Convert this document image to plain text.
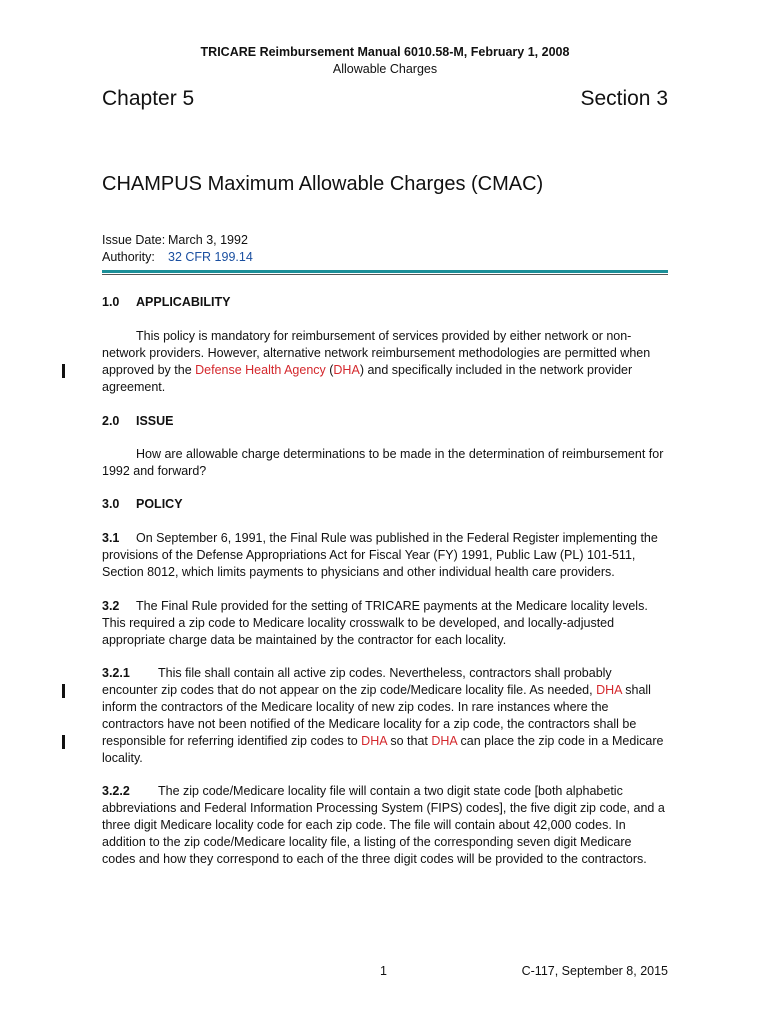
TRICARE Reimbursement Manual 6010.58-M, February 1, 2008
Allowable Charges
Chapter 5	Section 3
CHAMPUS Maximum Allowable Charges (CMAC)
Issue Date: March 3, 1992
Authority: 32 CFR 199.14
1.0 APPLICABILITY
This policy is mandatory for reimbursement of services provided by either network or non-network providers. However, alternative network reimbursement methodologies are permitted when approved by the Defense Health Agency (DHA) and specifically included in the network provider agreement.
2.0 ISSUE
How are allowable charge determinations to be made in the determination of reimbursement for 1992 and forward?
3.0 POLICY
3.1 On September 6, 1991, the Final Rule was published in the Federal Register implementing the provisions of the Defense Appropriations Act for Fiscal Year (FY) 1991, Public Law (PL) 101-511, Section 8012, which limits payments to physicians and other individual health care providers.
3.2 The Final Rule provided for the setting of TRICARE payments at the Medicare locality levels. This required a zip code to Medicare locality crosswalk to be developed, and locally-adjusted appropriate charge data be maintained by the contractor for each locality.
3.2.1 This file shall contain all active zip codes. Nevertheless, contractors shall probably encounter zip codes that do not appear on the zip code/Medicare locality file. As needed, DHA shall inform the contractors of the Medicare locality of new zip codes. In rare instances where the contractors have not been notified of the Medicare locality for a zip code, the contractors shall be responsible for referring identified zip codes to DHA so that DHA can place the zip code in a Medicare locality.
3.2.2 The zip code/Medicare locality file will contain a two digit state code [both alphabetic abbreviations and Federal Information Processing System (FIPS) codes], the five digit zip code, and a three digit Medicare locality code for each zip code. The file will contain about 42,000 codes. In addition to the zip code/Medicare locality file, a listing of the corresponding seven digit Medicare codes and how they correspond to each of the three digit codes will be provided to the contractors.
1	C-117, September 8, 2015
